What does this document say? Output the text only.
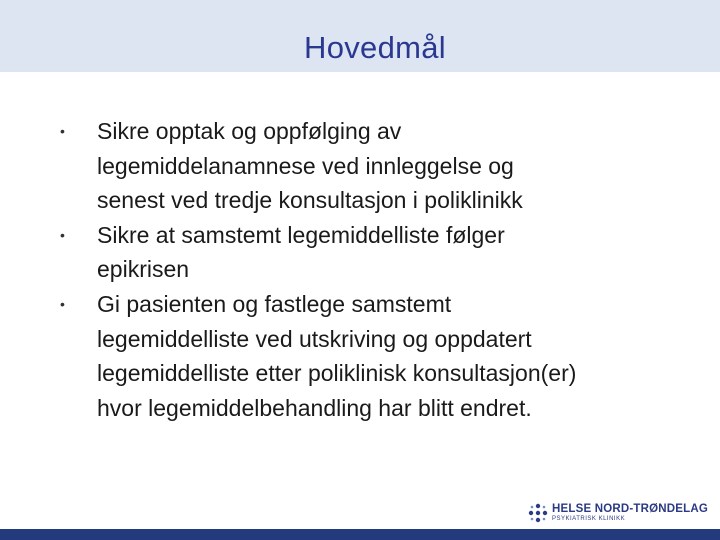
Hovedmål
• Sikre opptak og oppfølging av
legemiddelanamnese ved innleggelse og
senest ved tredje konsultasjon i poliklinikk
• Sikre at samstemt legemiddelliste følger
epikrisen
• Gi pasienten og fastlege samstemt
legemiddelliste ved utskriving og oppdatert
legemiddelliste etter poliklinisk konsultasjon(er)
hvor legemiddelbehandling har blitt endret.
HELSE NORD-TRØNDELAG
PSYKIATRISK KLINIKK
